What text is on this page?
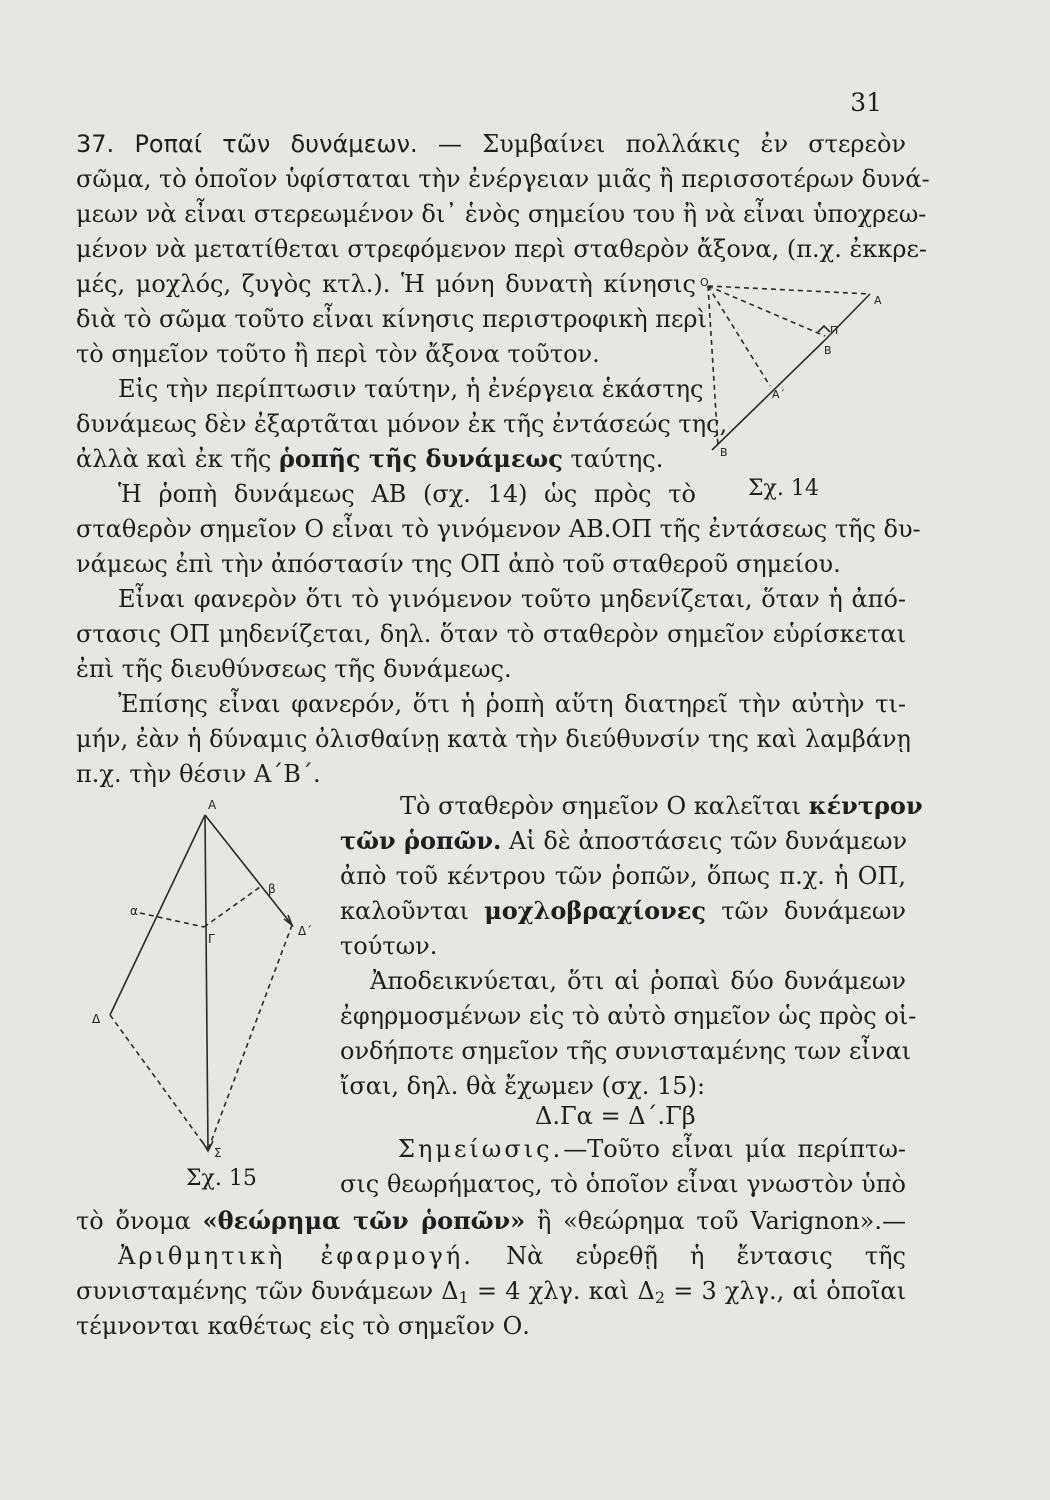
31
37. Ροπαί τῶν δυνάμεων. — Συμβαίνει πολλάκις ἐν στερεὸν
σῶμα, τὸ ὁποῖον ὑφίσταται τὴν ἐνέργειαν μιᾶς ἢ περισσοτέρων δυνά-
μεων νὰ εἶναι στερεωμένον δι᾽ ἑνὸς σημείου του ἢ νὰ εἶναι ὑποχρεω-
μένον νὰ μετατίθεται στρεφόμενον περὶ σταθερὸν ἄξονα, (π.χ. ἐκκρε-
μές, μοχλός, ζυγὸς κτλ.). Ἡ μόνη δυνατὴ κίνησις
διὰ τὸ σῶμα τοῦτο εἶναι κίνησις περιστροφικὴ περὶ
τὸ σημεῖον τοῦτο ἢ περὶ τὸν ἄξονα τοῦτον.
Εἰς τὴν περίπτωσιν ταύτην, ἡ ἐνέργεια ἑκάστης
δυνάμεως δὲν ἐξαρτᾶται μόνον ἐκ τῆς ἐντάσεώς της,
ἀλλὰ καὶ ἐκ τῆς ῥοπῆς τῆς δυνάμεως ταύτης.
Ἡ ῥοπὴ δυνάμεως ΑΒ (σχ. 14) ὡς πρὸς τὸ
σταθερὸν σημεῖον Ο εἶναι τὸ γινόμενον ΑΒ.ΟΠ τῆς ἐντάσεως τῆς δυ-
νάμεως ἐπὶ τὴν ἀπόστασίν της ΟΠ ἀπὸ τοῦ σταθεροῦ σημείου.
Εἶναι φανερὸν ὅτι τὸ γινόμενον τοῦτο μηδενίζεται, ὅταν ἡ ἀπό-
στασις ΟΠ μηδενίζεται, δηλ. ὅταν τὸ σταθερὸν σημεῖον εὑρίσκεται
ἐπὶ τῆς διευθύνσεως τῆς δυνάμεως.
Ἐπίσης εἶναι φανερόν, ὅτι ἡ ῥοπὴ αὕτη διατηρεῖ τὴν αὐτὴν τι-
μήν, ἐὰν ἡ δύναμις ὀλισθαίνῃ κατὰ τὴν διεύθυνσίν της καὶ λαμβάνῃ
π.χ. τὴν θέσιν Α΄Β΄.
Τὸ σταθερὸν σημεῖον Ο καλεῖται κέντρον
τῶν ῥοπῶν. Αἱ δὲ ἀποστάσεις τῶν δυνάμεων
ἀπὸ τοῦ κέντρου τῶν ῥοπῶν, ὅπως π.χ. ἡ ΟΠ,
καλοῦνται μοχλοβραχίονες τῶν δυνάμεων
τούτων.
Ἀποδεικνύεται, ὅτι αἱ ῥοπαὶ δύο δυνάμεων
ἐφηρμοσμένων εἰς τὸ αὐτὸ σημεῖον ὡς πρὸς οἱ-
ονδήποτε σημεῖον τῆς συνισταμένης των εἶναι
ἴσαι, δηλ. θὰ ἔχωμεν (σχ. 15):
Δ.Γα = Δ΄.Γβ
Σημείωσις.—Τοῦτο εἶναι μία περίπτω-
σις θεωρήματος, τὸ ὁποῖον εἶναι γνωστὸν ὑπὸ
τὸ ὄνομα «θεώρημα τῶν ῥοπῶν» ἢ «θεώρημα τοῦ Varignon».—
Ἀριθμητικὴ ἐφαρμογή. Νὰ εὑρεθῇ ἡ ἔντασις τῆς
συνισταμένης τῶν δυνάμεων $\Delta_1 = 4$ χλγ. καὶ $\Delta_2 = 3$ χλγ., αἱ ὁποῖαι
τέμνονται καθέτως εἰς τὸ σημεῖον Ο.
O
A
Π
B
A΄
B
Σχ. 14
A
β
α
Γ
Δ΄
Δ
Σ
Σχ. 15
